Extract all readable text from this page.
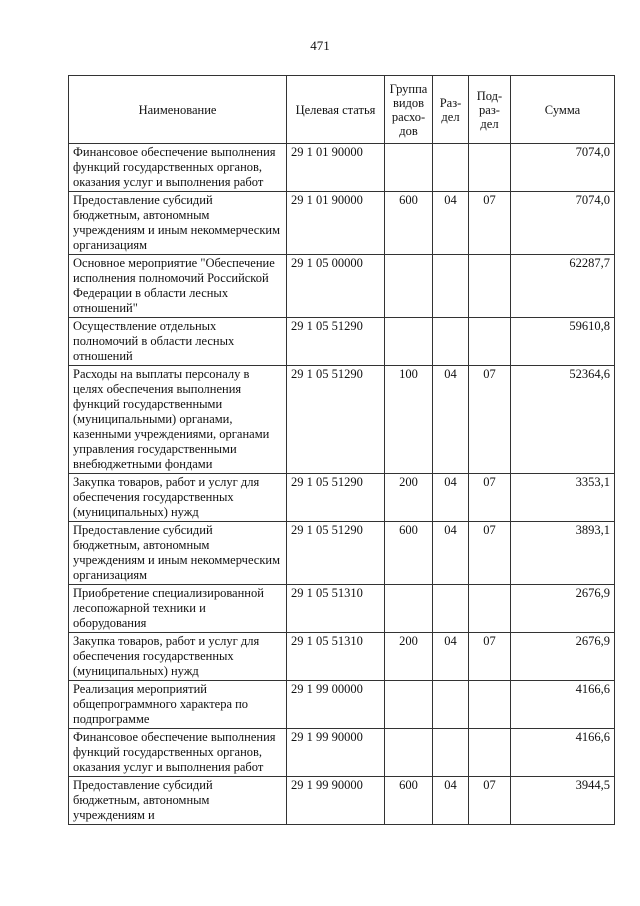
471
Наименование	Целевая статья	Группа видов расхо-дов	Раз-дел	Под-раз-дел	Сумма
Финансовое обеспечение выполнения функций государственных органов, оказания услуг и выполнения работ	29 1 01 90000				7074,0
Предоставление субсидий бюджетным, автономным учреждениям и иным некоммерческим организациям	29 1 01 90000	600	04	07	7074,0
Основное мероприятие "Обеспечение исполнения полномочий Российской Федерации в области лесных отношений"	29 1 05 00000				62287,7
Осуществление отдельных полномочий в области лесных отношений	29 1 05 51290				59610,8
Расходы на выплаты персоналу в целях обеспечения выполнения функций государственными (муниципальными) органами, казенными учреждениями, органами управления государственными внебюджетными фондами	29 1 05 51290	100	04	07	52364,6
Закупка товаров, работ и услуг для обеспечения государственных (муниципальных) нужд	29 1 05 51290	200	04	07	3353,1
Предоставление субсидий бюджетным, автономным учреждениям и иным некоммерческим организациям	29 1 05 51290	600	04	07	3893,1
Приобретение специализированной лесопожарной техники и оборудования	29 1 05 51310				2676,9
Закупка товаров, работ и услуг для обеспечения государственных (муниципальных) нужд	29 1 05 51310	200	04	07	2676,9
Реализация мероприятий общепрограммного характера по подпрограмме	29 1 99 00000				4166,6
Финансовое обеспечение выполнения функций государственных органов, оказания услуг и выполнения работ	29 1 99 90000				4166,6
Предоставление субсидий бюджетным, автономным учреждениям и	29 1 99 90000	600	04	07	3944,5
